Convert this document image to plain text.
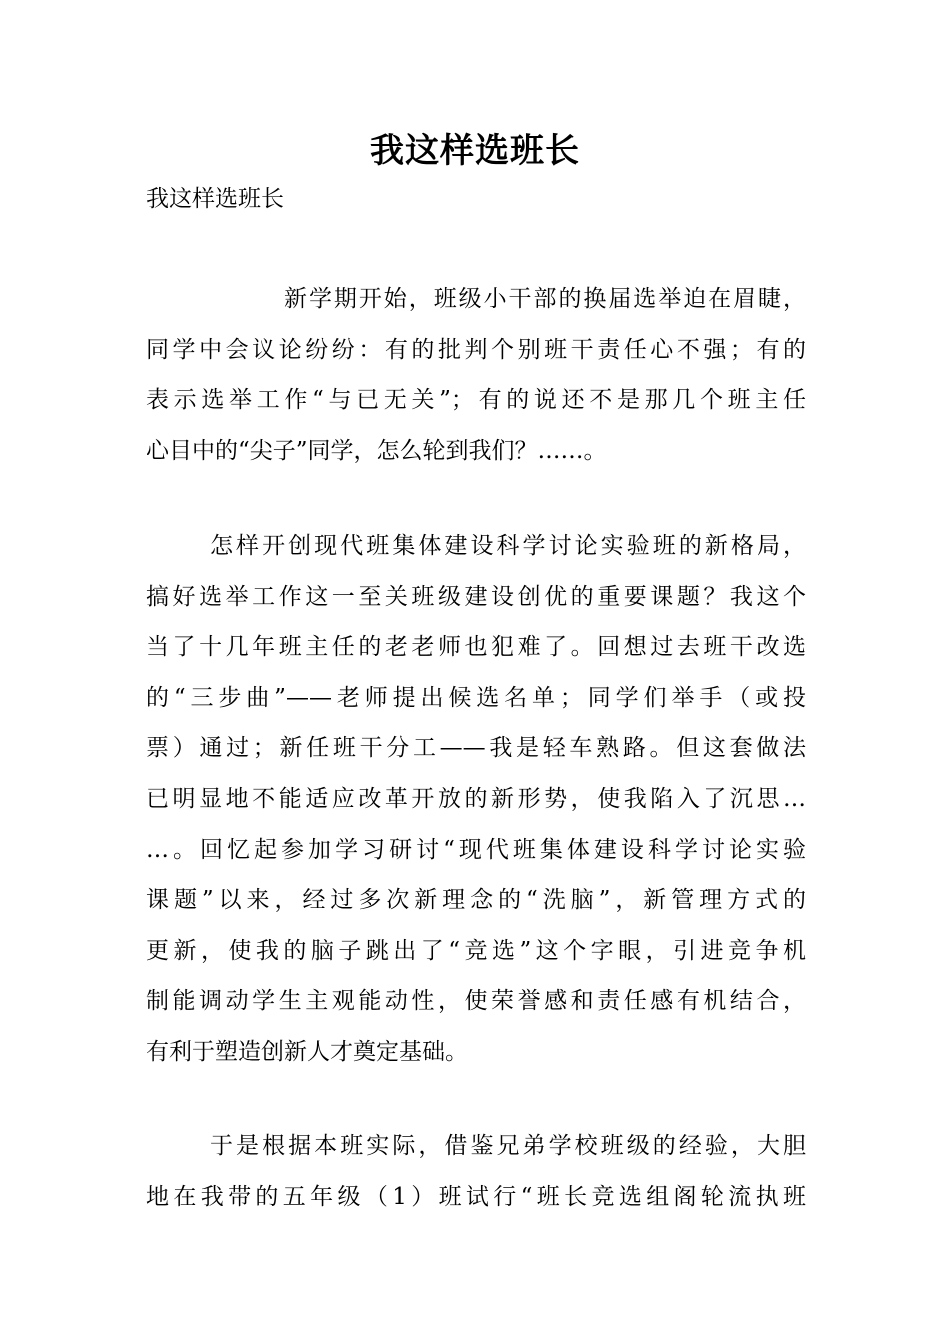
我这样选班长

我这样选班长

新学期开始，班级小干部的换届选举迫在眉睫，
同学中会议论纷纷：有的批判个别班干责任心不强；有的
表示选举工作“与已无关”；有的说还不是那几个班主任
心目中的“尖子”同学，怎么轮到我们？……。
怎样开创现代班集体建设科学讨论实验班的新格局，
搞好选举工作这一至关班级建设创优的重要课题？我这个
当了十几年班主任的老老师也犯难了。回想过去班干改选
的“三步曲”——老师提出候选名单；同学们举手（或投
票）通过；新任班干分工——我是轻车熟路。但这套做法
已明显地不能适应改革开放的新形势，使我陷入了沉思…
…。回忆起参加学习研讨“现代班集体建设科学讨论实验
课题”以来，经过多次新理念的“洗脑”，新管理方式的
更新，使我的脑子跳出了“竞选”这个字眼，引进竞争机
制能调动学生主观能动性，使荣誉感和责任感有机结合，
有利于塑造创新人才奠定基础。
于是根据本班实际，借鉴兄弟学校班级的经验，大胆
地在我带的五年级（1）班试行“班长竞选组阁轮流执班
